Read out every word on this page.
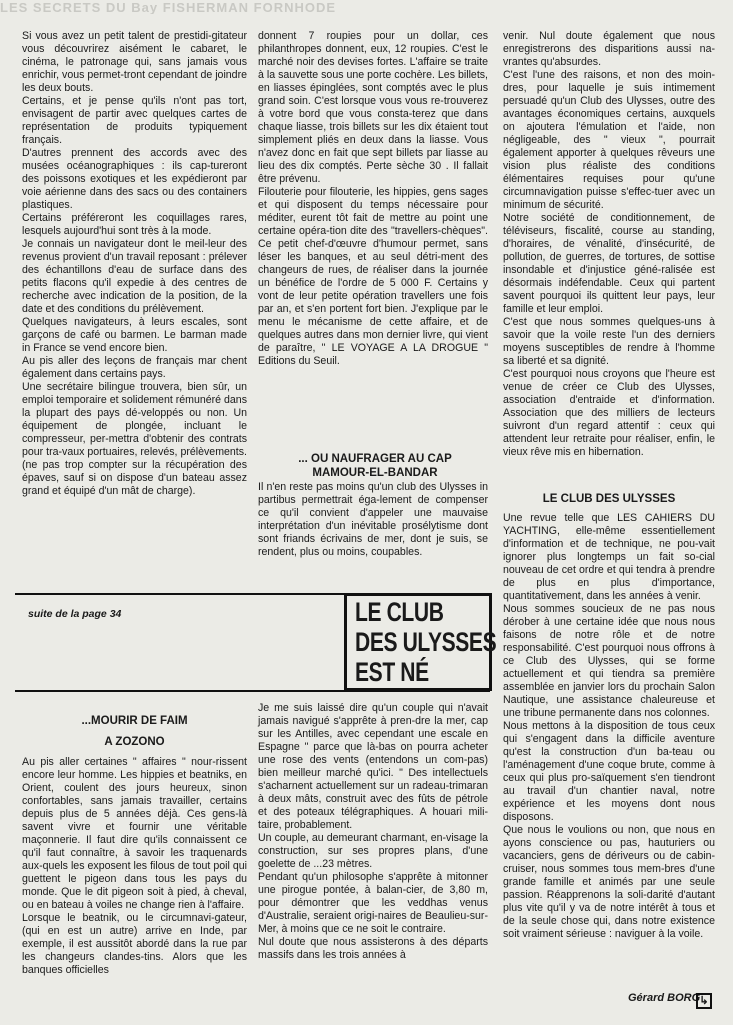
LES SECRETS DU Bay FISHERMAN FORNHODE

Si vous avez un petit talent de prestidi-gitateur vous découvrirez aisément le cabaret, le cinéma, le patronage qui, sans jamais vous enrichir, vous permet-tront cependant de joindre les deux bouts.

Certains, et je pense qu'ils n'ont pas tort, envisagent de partir avec quelques cartes de représentation de produits typiquement français.

D'autres prennent des accords avec des musées océanographiques : ils cap-tureront des poissons exotiques et les expédieront par voie aérienne dans des sacs ou des containers plastiques.

Certains préféreront les coquillages rares, lesquels aujourd'hui sont très à la mode.

Je connais un navigateur dont le meil-leur des revenus provient d'un travail reposant : prélever des échantillons d'eau de surface dans des petits flacons qu'il expedie à des centres de recherche avec indication de la position, de la date et des conditions du prélèvement.

Quelques navigateurs, à leurs escales, sont garçons de café ou barmen. Le barman made in France se vend encore bien.

Au pis aller des leçons de français mar chent également dans certains pays.

Une secrétaire bilingue trouvera, bien sûr, un emploi temporaire et solidement rémunéré dans la plupart des pays dé-veloppés ou non. Un équipement de plongée, incluant le compresseur, per-mettra d'obtenir des contrats pour tra-vaux portuaires, relevés, prélèvements. (ne pas trop compter sur la récupération des épaves, sauf si on dispose d'un bateau assez grand et équipé d'un mât de charge).

donnent 7 roupies pour un dollar, ces philanthropes donnent, eux, 12 roupies. C'est le marché noir des devises fortes. L'affaire se traite à la sauvette sous une porte cochère. Les billets, en liasses épinglées, sont comptés avec le plus grand soin. C'est lorsque vous vous re-trouverez à votre bord que vous consta-terez que dans chaque liasse, trois billets sur les dix étaient tout simplement pliés en deux dans la liasse. Vous n'avez donc en fait que sept billets par liasse au lieu des dix comptés. Perte sèche 30 . Il fallait être prévenu.

Filouterie pour filouterie, les hippies, gens sages et qui disposent du temps nécessaire pour méditer, eurent tôt fait de mettre au point une certaine opéra-tion dite des "travellers-chèques". Ce petit chef-d'œuvre d'humour permet, sans léser les banques, et au seul détri-ment des changeurs de rues, de réaliser dans la journée un bénéfice de l'ordre de 5 000 F. Certains y vont de leur petite opération travellers une fois par an, et s'en portent fort bien. J'explique par le menu le mécanisme de cette affaire, et de quelques autres dans mon dernier livre, qui vient de paraître, " LE VOYAGE A LA DROGUE " Editions du Seuil.

... OU NAUFRAGER AU CAP MAMOUR-EL-BANDAR

Il n'en reste pas moins qu'un club des Ulysses in partibus permettrait éga-lement de compenser ce qu'il convient d'appeler une mauvaise interprétation d'un inévitable prosélytisme dont sont friands écrivains de mer, dont je suis, se rendent, plus ou moins, coupables.

venir. Nul doute également que nous enregistrerons des disparitions aussi na-vrantes qu'absurdes.

C'est l'une des raisons, et non des moin-dres, pour laquelle je suis intimement persuadé qu'un Club des Ulysses, outre des avantages économiques certains, auxquels on ajoutera l'émulation et l'aide, non négligeable, des " vieux ", pourrait également apporter à quelques rêveurs une vision plus réaliste des conditions élémentaires requises pour qu'une circumnavigation puisse s'effec-tuer avec un minimum de sécurité.

Notre société de conditionnement, de téléviseurs, fiscalité, course au standing, d'horaires, de vénalité, d'insécurité, de pollution, de guerres, de tortures, de sottise insondable et d'injustice géné-ralisée est désormais indéfendable. Ceux qui partent savent pourquoi ils quittent leur pays, leur famille et leur emploi.

C'est que nous sommes quelques-uns à savoir que la voile reste l'un des derniers moyens susceptibles de rendre à l'homme sa liberté et sa dignité.

C'est pourquoi nous croyons que l'heure est venue de créer ce Club des Ulysses, association d'entraide et d'information. Association que des milliers de lecteurs suivront d'un regard attentif : ceux qui attendent leur retraite pour réaliser, enfin, le vieux rêve mis en hibernation.

LE CLUB DES ULYSSES

Une revue telle que LES CAHIERS DU YACHTING, elle-même essentiellement d'information et de technique, ne pou-vait ignorer plus longtemps un fait so-cial nouveau de cet ordre et qui tendra à prendre de plus en plus d'importance, quantitativement, dans les années à venir.

Nous sommes soucieux de ne pas nous dérober à une certaine idée que nous nous faisons de notre rôle et de notre responsabilité. C'est pourquoi nous offrons à ce Club des Ulysses, qui se forme actuellement et qui tiendra sa première assemblée en janvier lors du prochain Salon Nautique, une assistance chaleureuse et une tribune permanente dans nos colonnes.

Nous mettons à la disposition de tous ceux qui s'engagent dans la difficile aventure qu'est la construction d'un ba-teau ou l'aménagement d'une coque brute, comme à ceux qui plus pro-saïquement s'en tiendront au travail d'un chantier naval, notre expérience et les moyens dont nous disposons.

Que nous le voulions ou non, que nous en ayons conscience ou pas, hauturiers ou vacanciers, gens de dériveurs ou de cabin-cruiser, nous sommes tous mem-bres d'une grande famille et animés par une seule passion. Réapprenons la soli-darité d'autant plus vite qu'il y va de notre intérêt à tous et de la seule chose qui, dans notre existence soit vraiment sérieuse : naviguer à la voile.

Gérard BORG ↳
LE CLUB
DES ULYSSES
EST NÉ
suite de la page 34
...MOURIR DE FAIM
A ZOZONO

Au pis aller certaines " affaires " nour-rissent encore leur homme. Les hippies et beatniks, en Orient, coulent des jours heureux, sinon confortables, sans jamais travailler, certains depuis plus de 5 années déjà. Ces gens-là savent vivre et fournir une véritable maçonnerie. Il faut dire qu'ils connaissent ce qu'il faut connaître, à savoir les traquenards aux-quels les exposent les filous de tout poil qui guettent le pigeon dans tous les pays du monde. Que le dit pigeon soit à pied, à cheval, ou en bateau à voiles ne change rien à l'affaire.

Lorsque le beatnik, ou le circumnavi-gateur, (qui en est un autre) arrive en Inde, par exemple, il est aussitôt abordé dans la rue par les changeurs clandes-tins. Alors que les banques officielles

Je me suis laissé dire qu'un couple qui n'avait jamais navigué s'apprête à pren-dre la mer, cap sur les Antilles, avec cependant une escale en Espagne " parce que là-bas on pourra acheter une rose des vents (entendons un com-pas) bien meilleur marché qu'ici. " Des intellectuels s'acharnent actuellement sur un radeau-trimaran à deux mâts, construit avec des fûts de pétrole et des poteaux télégraphiques. A houari mili-taire, probablement.

Un couple, au demeurant charmant, en-visage la construction, sur ses propres plans, d'une goelette de ...23 mètres.

Pendant qu'un philosophe s'apprête à mitonner une pirogue pontée, à balan-cier, de 3,80 m, pour démontrer que les veddhas venus d'Australie, seraient origi-naires de Beaulieu-sur-Mer, à moins que ce ne soit le contraire.

Nul doute que nous assisterons à des départs massifs dans les trois années à
